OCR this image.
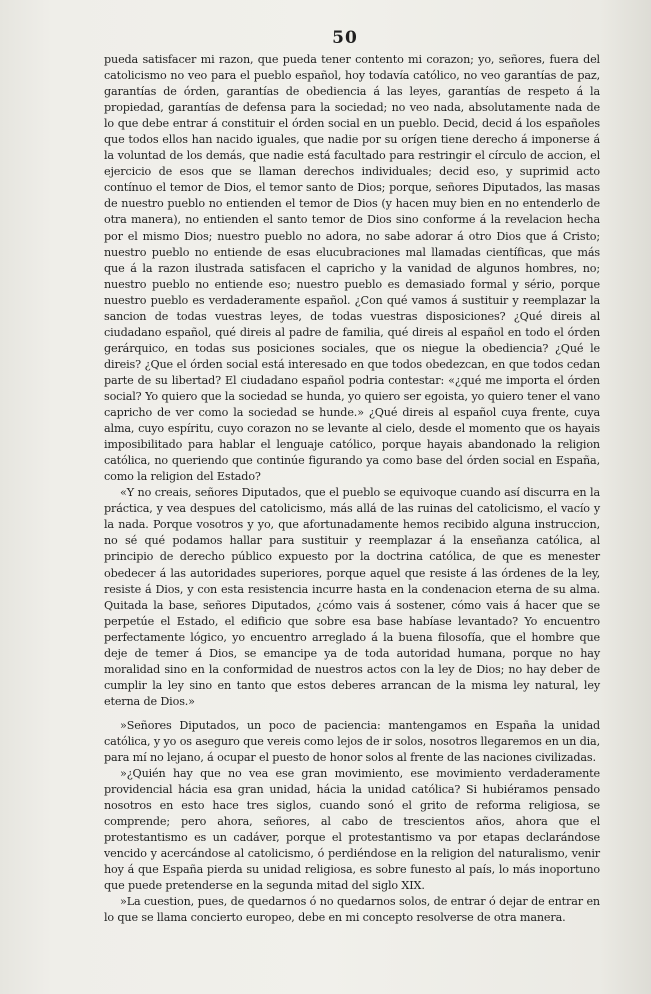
50

pueda satisfacer mi razon, que pueda tener contento mi corazon; yo, señores, fuera del catolicismo no veo para el pueblo español, hoy todavía católico, no veo garantías de paz, garantías de órden, garantías de obediencia á las leyes, garantías de respeto á la propiedad, garantías de defensa para la sociedad; no veo nada, absolutamente nada de lo que debe entrar á constituir el órden social en un pueblo. Decid, decid á los españoles que todos ellos han nacido iguales, que nadie por su orígen tiene derecho á imponerse á la voluntad de los demás, que nadie está facultado para restringir el círculo de accion, el ejercicio de esos que se llaman derechos individuales; decid eso, y suprimid acto contínuo el temor de Dios, el temor santo de Dios; porque, señores Diputados, las masas de nuestro pueblo no entienden el temor de Dios (y hacen muy bien en no entenderlo de otra manera), no entienden el santo temor de Dios sino conforme á la revelacion hecha por el mismo Dios; nuestro pueblo no adora, no sabe adorar á otro Dios que á Cristo; nuestro pueblo no entiende de esas elucubraciones mal llamadas científicas, que más que á la razon ilustrada satisfacen el capricho y la vanidad de algunos hombres, no; nuestro pueblo no entiende eso; nuestro pueblo es demasiado formal y sério, porque nuestro pueblo es verdaderamente español. ¿Con qué vamos á sustituir y reemplazar la sancion de todas vuestras leyes, de todas vuestras disposiciones? ¿Qué direis al ciudadano español, qué direis al padre de familia, qué direis al español en todo el órden gerárquico, en todas sus posiciones sociales, que os niegue la obediencia? ¿Qué le direis? ¿Que el órden social está interesado en que todos obedezcan, en que todos cedan parte de su libertad? El ciudadano español podria contestar: «¿qué me importa el órden social? Yo quiero que la sociedad se hunda, yo quiero ser egoista, yo quiero tener el vano capricho de ver como la sociedad se hunde.» ¿Qué direis al español cuya frente, cuya alma, cuyo espíritu, cuyo corazon no se levante al cielo, desde el momento que os hayais imposibilitado para hablar el lenguaje católico, porque hayais abandonado la religion católica, no queriendo que continúe figurando ya como base del órden social en España, como la religion del Estado?

«Y no creais, señores Diputados, que el pueblo se equivoque cuando así discurra en la práctica, y vea despues del catolicismo, más allá de las ruinas del catolicismo, el vacío y la nada. Porque vosotros y yo, que afortunadamente hemos recibido alguna instruccion, no sé qué podamos hallar para sustituir y reemplazar á la enseñanza católica, al principio de derecho público expuesto por la doctrina católica, de que es menester obedecer á las autoridades superiores, porque aquel que resiste á las órdenes de la ley, resiste á Dios, y con esta resistencia incurre hasta en la condenacion eterna de su alma. Quitada la base, señores Diputados, ¿cómo vais á sostener, cómo vais á hacer que se perpetúe el Estado, el edificio que sobre esa base habíase levantado? Yo encuentro perfectamente lógico, yo encuentro arreglado á la buena filosofía, que el hombre que deje de temer á Dios, se emancipe ya de toda autoridad humana, porque no hay moralidad sino en la conformidad de nuestros actos con la ley de Dios; no hay deber de cumplir la ley sino en tanto que estos deberes arrancan de la misma ley natural, ley eterna de Dios.»

»Señores Diputados, un poco de paciencia: mantengamos en España la unidad católica, y yo os aseguro que vereis como lejos de ir solos, nosotros llegaremos en un dia, para mí no lejano, á ocupar el puesto de honor solos al frente de las naciones civilizadas.

»¿Quién hay que no vea ese gran movimiento, ese movimiento verdaderamente providencial hácia esa gran unidad, hácia la unidad católica? Si hubiéramos pensado nosotros en esto hace tres siglos, cuando sonó el grito de reforma religiosa, se comprende; pero ahora, señores, al cabo de trescientos años, ahora que el protestantismo es un cadáver, porque el protestantismo va por etapas declarándose vencido y acercándose al catolicismo, ó perdiéndose en la religion del naturalismo, venir hoy á que España pierda su unidad religiosa, es sobre funesto al país, lo más inoportuno que puede pretenderse en la segunda mitad del siglo XIX.

»La cuestion, pues, de quedarnos ó no quedarnos solos, de entrar ó dejar de entrar en lo que se llama concierto europeo, debe en mi concepto resolverse de otra manera.
